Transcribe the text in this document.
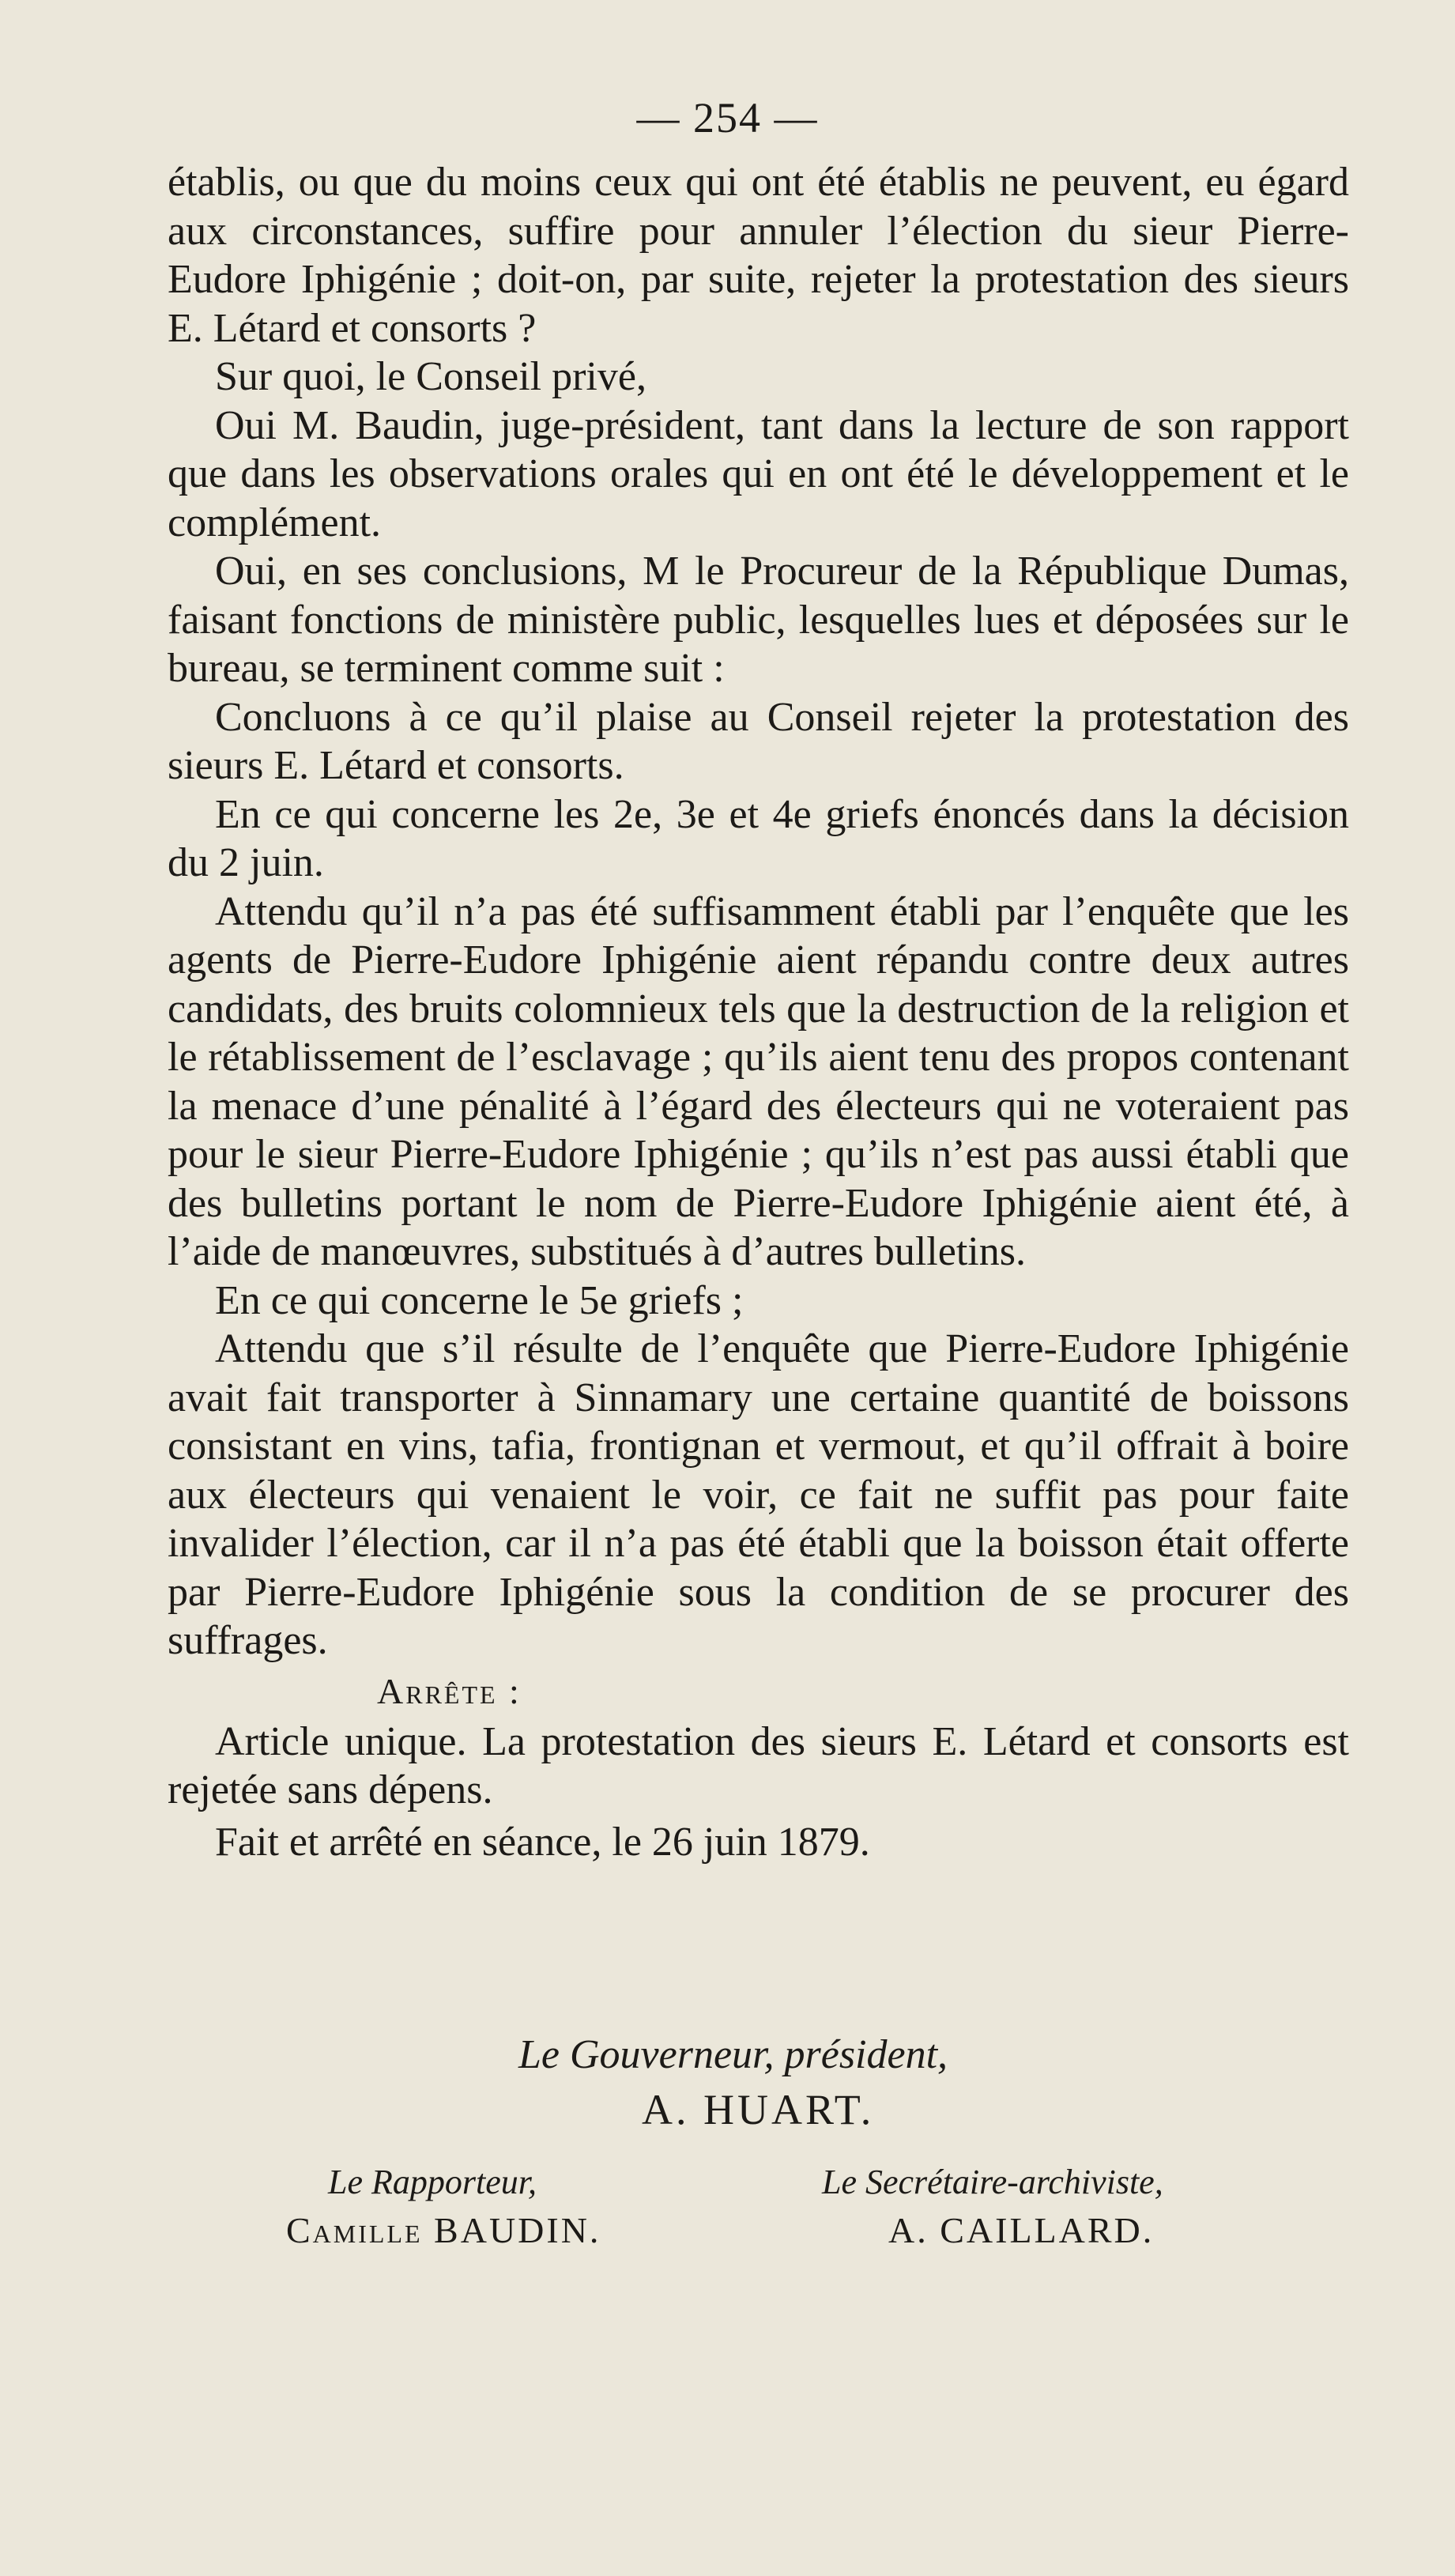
— 254 —

établis, ou que du moins ceux qui ont été établis ne peuvent, eu égard aux circonstances, suffire pour annuler l’élection du sieur Pierre-Eudore Iphigénie ; doit-on, par suite, rejeter la protestation des sieurs E. Létard et consorts ?

Sur quoi, le Conseil privé,

Oui M. Baudin, juge-président, tant dans la lecture de son rapport que dans les observations orales qui en ont été le développement et le complément.

Oui, en ses conclusions, M le Procureur de la République Dumas, faisant fonctions de ministère public, lesquelles lues et déposées sur le bureau, se terminent comme suit :

Concluons à ce qu’il plaise au Conseil rejeter la protestation des sieurs E. Létard et consorts.

En ce qui concerne les 2e, 3e et 4e griefs énoncés dans la décision du 2 juin.

Attendu qu’il n’a pas été suffisamment établi par l’enquête que les agents de Pierre-Eudore Iphigénie aient répandu contre deux autres candidats, des bruits colomnieux tels que la destruction de la religion et le rétablissement de l’esclavage ; qu’ils aient tenu des propos contenant la menace d’une pénalité à l’égard des électeurs qui ne voteraient pas pour le sieur Pierre-Eudore Iphigénie ; qu’ils n’est pas aussi établi que des bulletins portant le nom de Pierre-Eudore Iphigénie aient été, à l’aide de manœuvres, substitués à d’autres bulletins.

En ce qui concerne le 5e griefs ;

Attendu que s’il résulte de l’enquête que Pierre-Eudore Iphigénie avait fait transporter à Sinnamary une certaine quantité de boissons consistant en vins, tafia, frontignan et vermout, et qu’il offrait à boire aux électeurs qui venaient le voir, ce fait ne suffit pas pour faite invalider l’élection, car il n’a pas été établi que la boisson était offerte par Pierre-Eudore Iphigénie sous la condition de se procurer des suffrages.

Arrête :

Article unique. La protestation des sieurs E. Létard et consorts est rejetée sans dépens.

Fait et arrêté en séance, le 26 juin 1879.

Le Gouverneur, président,
A. HUART.
Le Rapporteur,
Camille BAUDIN.
Le Secrétaire-archiviste,
A. CAILLARD.
